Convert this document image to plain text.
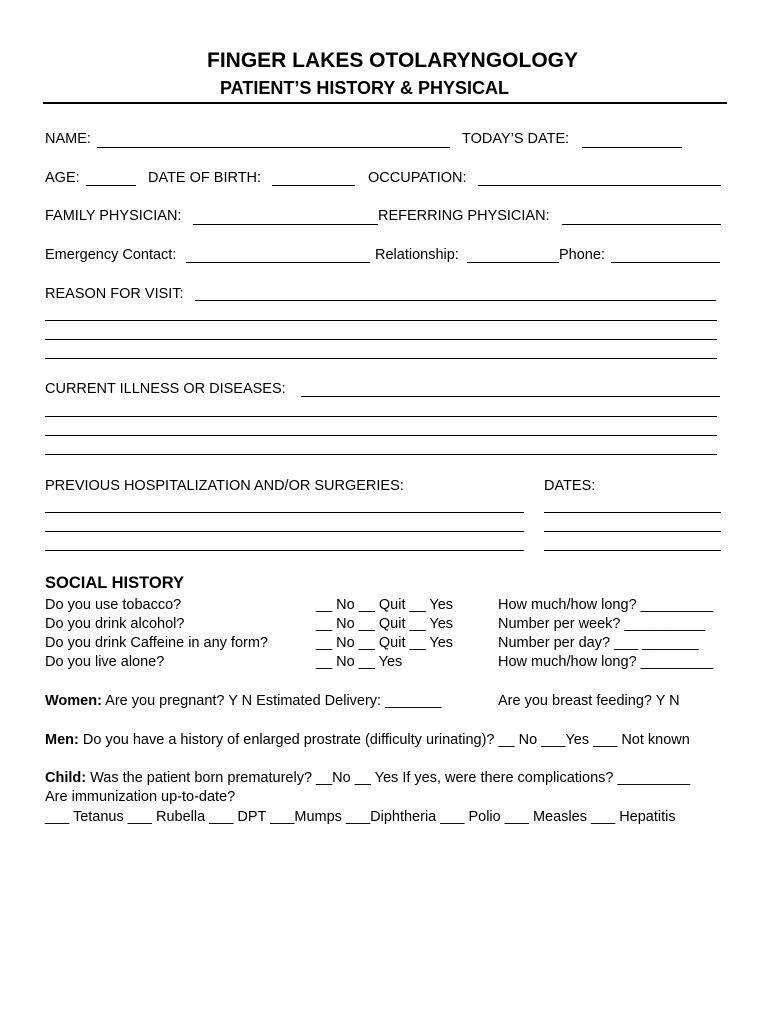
FINGER LAKES OTOLARYNGOLOGY
PATIENT’S HISTORY & PHYSICAL
NAME:	TODAY’S DATE:
AGE:	DATE OF BIRTH:	OCCUPATION:
FAMILY PHYSICIAN:	REFERRING PHYSICIAN:
Emergency Contact:	Relationship:	Phone:
REASON FOR VISIT:
CURRENT ILLNESS OR DISEASES:
PREVIOUS HOSPITALIZATION AND/OR SURGERIES:	DATES:
SOCIAL HISTORY
Do you use tobacco?	__ No __ Quit __ Yes	How much/how long? _________
Do you drink alcohol?	__ No __ Quit __ Yes	Number per week? __________
Do you drink Caffeine in any form?	__ No __ Quit __ Yes	Number per day? ___ _______
Do you live alone?	__ No __ Yes	How much/how long? _________
Women: Are you pregnant? Y N Estimated Delivery: _______	Are you breast feeding? Y N
Men: Do you have a history of enlarged prostrate (difficulty urinating)? __ No ___Yes ___ Not known
Child: Was the patient born prematurely? __No __ Yes If yes, were there complications? _________
Are immunization up-to-date?
___ Tetanus ___ Rubella ___ DPT ___Mumps ___Diphtheria ___ Polio ___ Measles ___ Hepatitis
